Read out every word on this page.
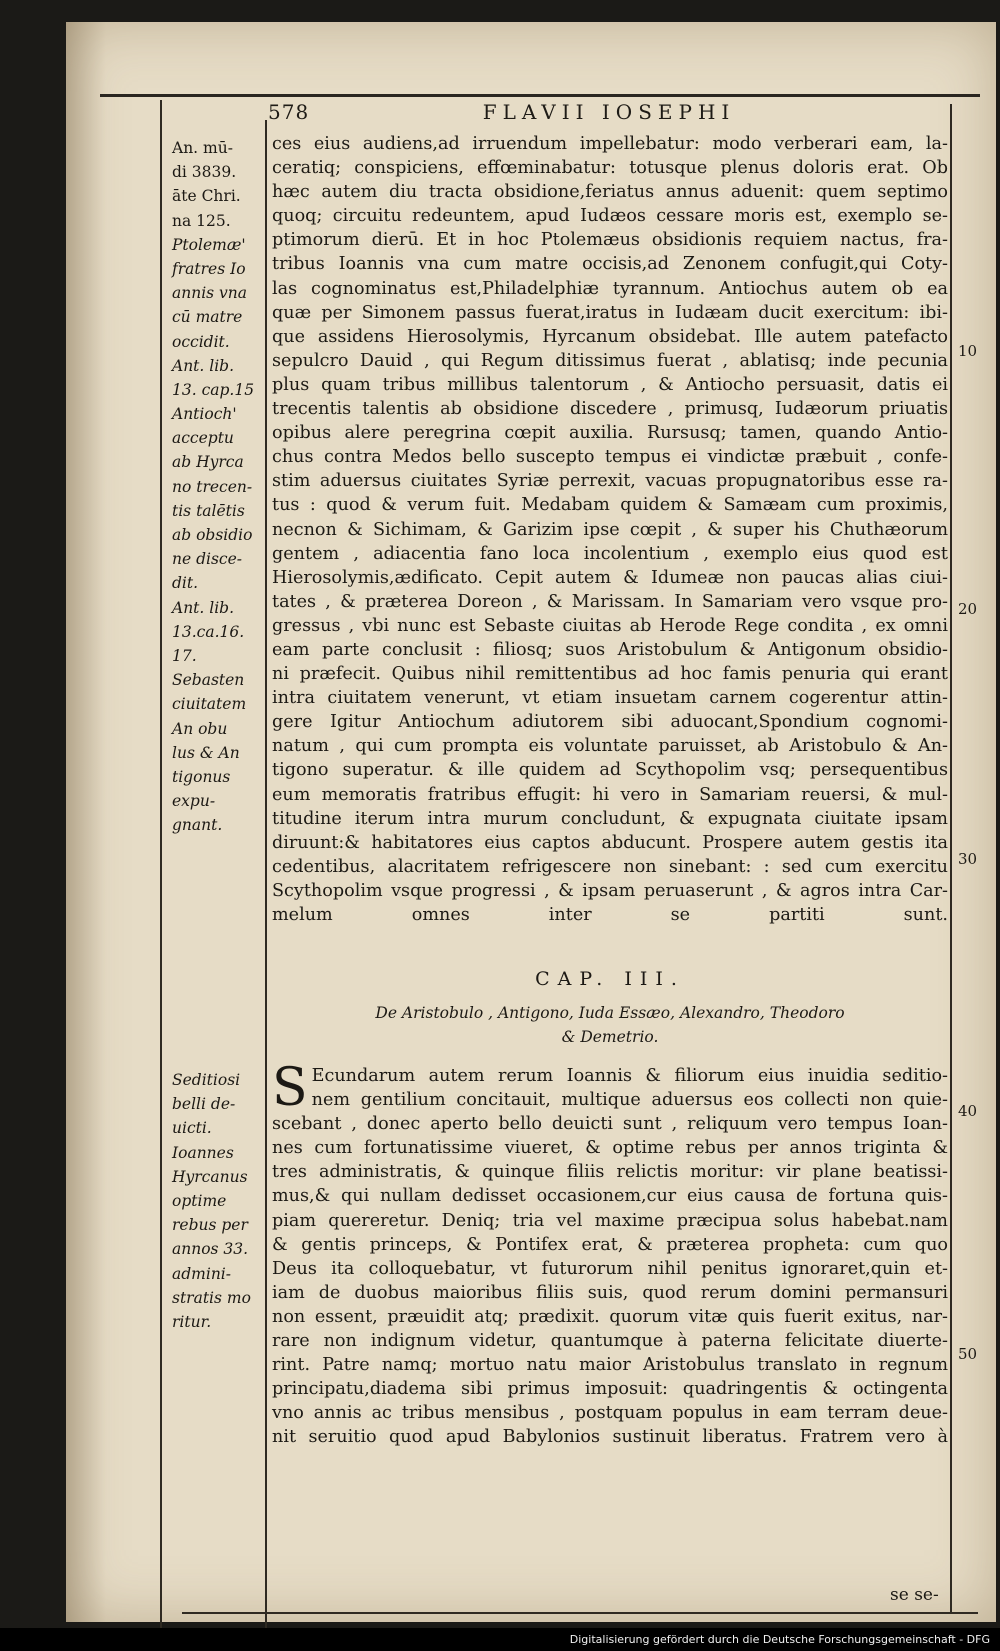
FLAVII IOSEPHI
578
An. mū-
di 3839.
āte Chri.
na 125.
Ptolemæ'
fratres Io
annis vna
cū matre
occidit.
Ant. lib.
13. cap.15
Antioch'
acceptu
ab Hyrca
no trecen-
tis talētis
ab obsidio
ne disce-
dit.
Ant. lib.
13.ca.16.
17.
Sebasten
ciuitatem
An obu
lus & An
tigonus
expu-
gnant.
ces eius audiens,ad irruendum impellebatur: modo verberari eam, la-
ceratiq; conspiciens, effœminabatur: totusque plenus doloris erat. Ob
hæc autem diu tracta obsidione,feriatus annus aduenit: quem septimo
quoq; circuitu redeuntem, apud Iudæos cessare moris est, exemplo se-
ptimorum dierū. Et in hoc Ptolemæus obsidionis requiem nactus, fra-
tribus Ioannis vna cum matre occisis,ad Zenonem confugit,qui Coty-
las cognominatus est,Philadelphiæ tyrannum. Antiochus autem ob ea
quæ per Simonem passus fuerat,iratus in Iudæam ducit exercitum: ibi-
que assidens Hierosolymis, Hyrcanum obsidebat. Ille autem patefacto
sepulcro Dauid , qui Regum ditissimus fuerat , ablatisq; inde pecunia
plus quam tribus millibus talentorum , & Antiocho persuasit, datis ei
trecentis talentis ab obsidione discedere , primusq, Iudæorum priuatis
opibus alere peregrina cœpit auxilia. Rursusq; tamen, quando Antio-
chus contra Medos bello suscepto tempus ei vindictæ præbuit , confe-
stim aduersus ciuitates Syriæ perrexit, vacuas propugnatoribus esse ra-
tus : quod & verum fuit. Medabam quidem & Samæam cum proximis,
necnon & Sichimam, & Garizim ipse cœpit , & super his Chuthæorum
gentem , adiacentia fano loca incolentium , exemplo eius quod est
Hierosolymis,ædificato. Cepit autem & Idumeæ non paucas alias ciui-
tates , & præterea Doreon , & Marissam. In Samariam vero vsque pro-
gressus , vbi nunc est Sebaste ciuitas ab Herode Rege condita , ex omni
eam parte conclusit : filiosq; suos Aristobulum & Antigonum obsidio-
ni præfecit. Quibus nihil remittentibus ad hoc famis penuria qui erant
intra ciuitatem venerunt, vt etiam insuetam carnem cogerentur attin-
gere Igitur Antiochum adiutorem sibi aduocant,Spondium cognomi-
natum , qui cum prompta eis voluntate paruisset, ab Aristobulo & An-
tigono superatur. & ille quidem ad Scythopolim vsq; persequentibus
eum memoratis fratribus effugit: hi vero in Samariam reuersi, & mul-
titudine iterum intra murum concludunt, & expugnata ciuitate ipsam
diruunt:& habitatores eius captos abducunt. Prospere autem gestis ita
cedentibus, alacritatem refrigescere non sinebant: : sed cum exercitu
Scythopolim vsque progressi , & ipsam peruaserunt , & agros intra Car-
melum omnes inter se partiti sunt.
CAP. III.
De Aristobulo , Antigono, Iuda Essæo, Alexandro, Theodoro
& Demetrio.
Seditiosi
belli de-
uicti.
Ioannes
Hyrcanus
optime
rebus per
annos 33.
admini-
stratis mo
ritur.
S Ecundarum autem rerum Ioannis & filiorum eius inuidia seditio-
nem gentilium concitauit, multique aduersus eos collecti non quie-
scebant , donec aperto bello deuicti sunt , reliquum vero tempus Ioan-
nes cum fortunatissime viueret, & optime rebus per annos triginta &
tres administratis, & quinque filiis relictis moritur: vir plane beatissi-
mus,& qui nullam dedisset occasionem,cur eius causa de fortuna quis-
piam quereretur. Deniq; tria vel maxime præcipua solus habebat.nam
& gentis princeps, & Pontifex erat, & præterea propheta: cum quo
Deus ita colloquebatur, vt futurorum nihil penitus ignoraret,quin et-
iam de duobus maioribus filiis suis, quod rerum domini permansuri
non essent, præuidit atq; prædixit. quorum vitæ quis fuerit exitus, nar-
rare non indignum videtur, quantumque à paterna felicitate diuerte-
rint. Patre namq; mortuo natu maior Aristobulus translato in regnum
principatu,diadema sibi primus imposuit: quadringentis & octingenta
vno annis ac tribus mensibus , postquam populus in eam terram deue-
nit seruitio quod apud Babylonios sustinuit liberatus. Fratrem vero à
10
20
30
40
50
se se-
Digitalisierung gefördert durch die Deutsche Forschungsgemeinschaft - DFG
